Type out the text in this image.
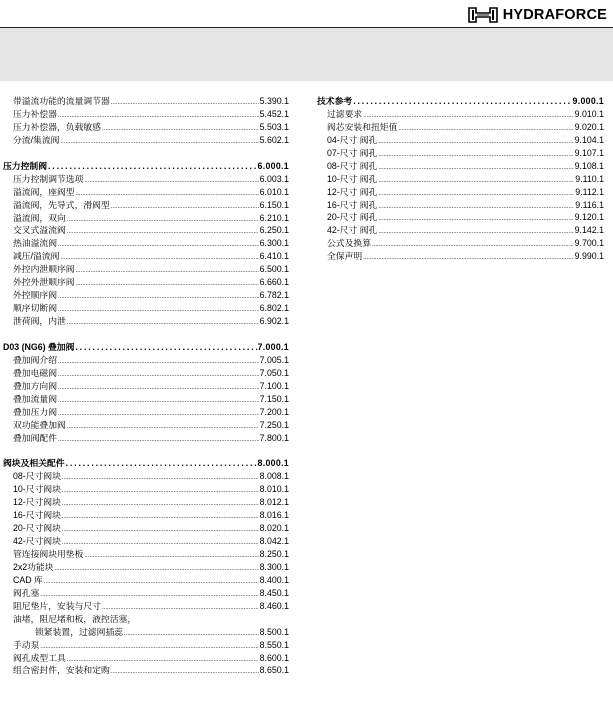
HYDRAFORCE
带溢流功能的流量调节器 .....	5.390.1
压力补偿器 .....	5.452.1
压力补偿器，负载敏感 .....	5.503.1
分流/集流阀 .....	5.602.1
压力控制阀 . . .	6.000.1
压力控制调节选项 .....	6.003.1
溢流阀，座阀型 .....	6.010.1
溢流阀，先导式，滑阀型 .....	6.150.1
溢流阀，双向 .....	6.210.1
交叉式溢流阀 .....	6.250.1
热油溢流阀 .....	6.300.1
减压/溢流阀 .....	6.410.1
外控内泄顺序阀 .....	6.500.1
外控外泄顺序阀 .....	6.660.1
外控顺序阀 .....	6.782.1
顺序切断阀 .....	6.802.1
泄荷阀，内泄 .....	6.902.1
D03 (NG6) 叠加阀 . . .	7.000.1
叠加阀介绍 .....	7.005.1
叠加电磁阀 .....	7.050.1
叠加方向阀 .....	7.100.1
叠加流量阀 .....	7.150.1
叠加压力阀 .....	7.200.1
双功能叠加阀 .....	7.250.1
叠加阀配件 .....	7.800.1
阀块及相关配件 . . .	8.000.1
08-尺寸阀块 .....	8.008.1
10-尺寸阀块 .....	8.010.1
12-尺寸阀块 .....	8.012.1
16-尺寸阀块 .....	8.016.1
20-尺寸阀块 .....	8.020.1
42-尺寸阀块 .....	8.042.1
管连接阀块用垫板 .....	8.250.1
2x2功能块 .....	8.300.1
CAD 库 .....	8.400.1
阀孔塞 .....	8.450.1
阻尼垫片，安装与尺寸 .....	8.460.1
油堵，阻尼堵和板，液控活塞，
锁紧装置，过滤网插蕊 .....	8.500.1
手动泵 .....	8.550.1
阀孔成型工具 .....	8.600.1
组合密封件，安装和定购 .....	8.650.1
技术参考 . . .	9.000.1
过滤要求 .....	9.010.1
阀芯安装和扭矩值 .....	9.020.1
04-尺寸 阀孔 .....	9.104.1
07-尺寸 阀孔 .....	9.107.1
08-尺寸 阀孔 .....	9.108.1
10-尺寸 阀孔 .....	9.110.1
12-尺寸 阀孔 .....	9.112.1
16-尺寸 阀孔 .....	9.116.1
20-尺寸 阀孔 .....	9.120.1
42-尺寸 阀孔 .....	9.142.1
公式及换算 .....	9.700.1
全保声明 .....	9.990.1
